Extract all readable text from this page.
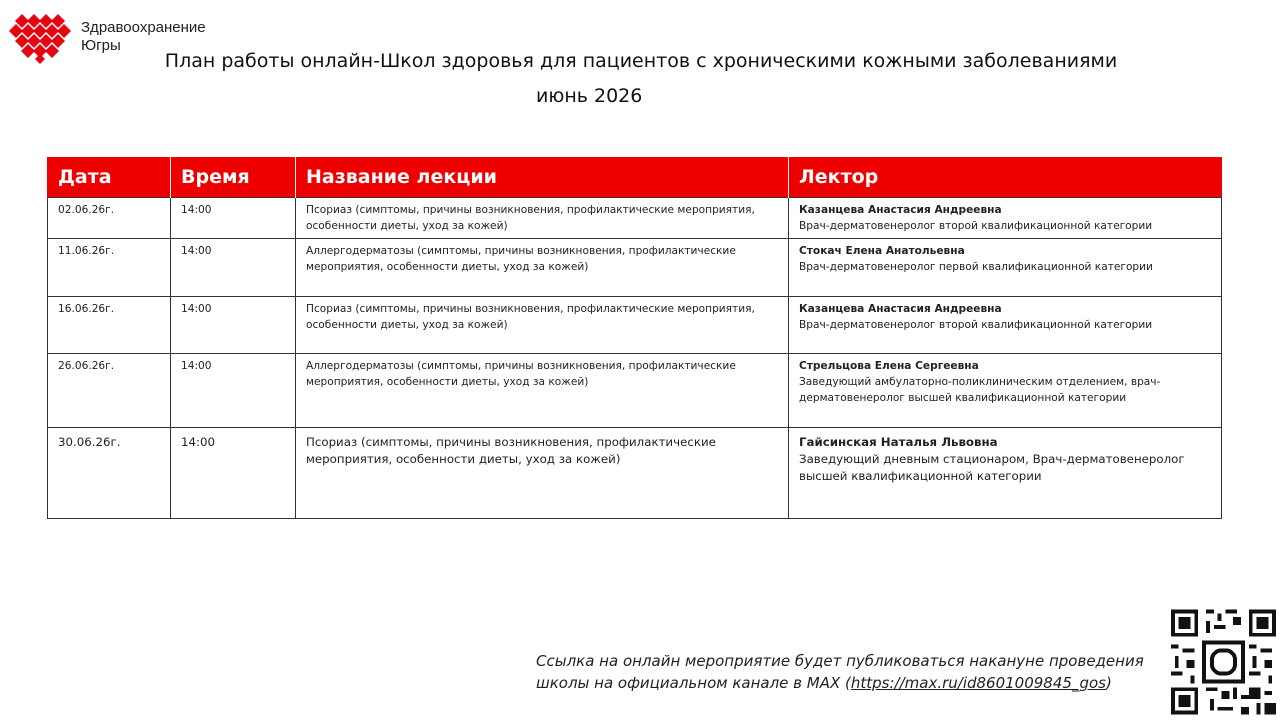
Здравоохранение
Югры
План работы онлайн-Школ здоровья для пациентов с хроническими кожными заболеваниями
июнь 2026
Дата	Время	Название лекции	Лектор
02.06.26г.	14:00	Псориаз (симптомы, причины возникновения, профилактические мероприятия, особенности диеты, уход за кожей)	Казанцева Анастасия Андреевна
Врач-дерматовенеролог второй квалификационной категории

11.06.26г.	14:00	Аллергодерматозы (симптомы, причины возникновения, профилактические мероприятия, особенности диеты, уход за кожей)	Стокач Елена Анатольевна
Врач-дерматовенеролог первой квалификационной категории

16.06.26г.	14:00	Псориаз (симптомы, причины возникновения, профилактические мероприятия, особенности диеты, уход за кожей)	Казанцева Анастасия Андреевна
Врач-дерматовенеролог второй квалификационной категории

26.06.26г.	14:00	Аллергодерматозы (симптомы, причины возникновения, профилактические мероприятия, особенности диеты, уход за кожей)	Стрельцова Елена Сергеевна
Заведующий амбулаторно-поликлиническим отделением, врач-дерматовенеролог высшей квалификационной категории

30.06.26г.	14:00	Псориаз (симптомы, причины возникновения, профилактические мероприятия, особенности диеты, уход за кожей)	Гайсинская Наталья Львовна
Заведующий дневным стационаром, Врач-дерматовенеролог высшей квалификационной категории
Ссылка на онлайн мероприятие будет публиковаться накануне проведения школы на официальном канале в MAX (https://max.ru/id8601009845_gos)
